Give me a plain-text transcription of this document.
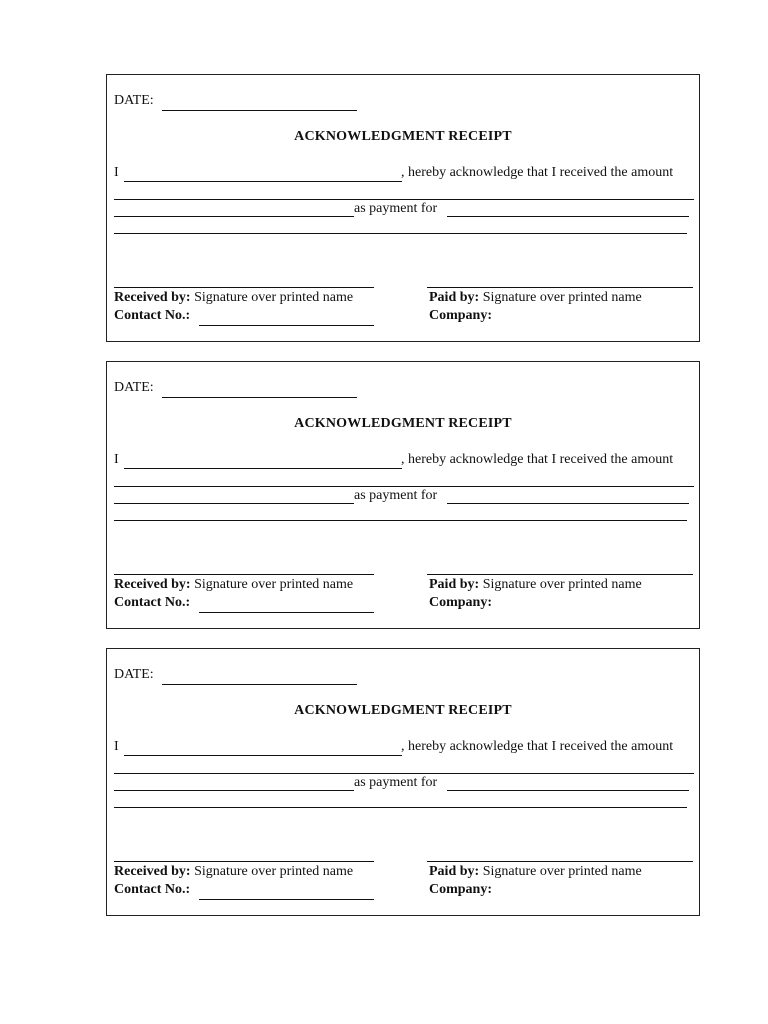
DATE:
ACKNOWLEDGMENT RECEIPT
I	, hereby acknowledge that I received the amount
as payment for
Received by: Signature over printed name	Paid by: Signature over printed name
Contact No.:	Company:
DATE:
ACKNOWLEDGMENT RECEIPT
I	, hereby acknowledge that I received the amount
as payment for
Received by: Signature over printed name	Paid by: Signature over printed name
Contact No.:	Company:
DATE:
ACKNOWLEDGMENT RECEIPT
I	, hereby acknowledge that I received the amount
as payment for
Received by: Signature over printed name	Paid by: Signature over printed name
Contact No.:	Company:
